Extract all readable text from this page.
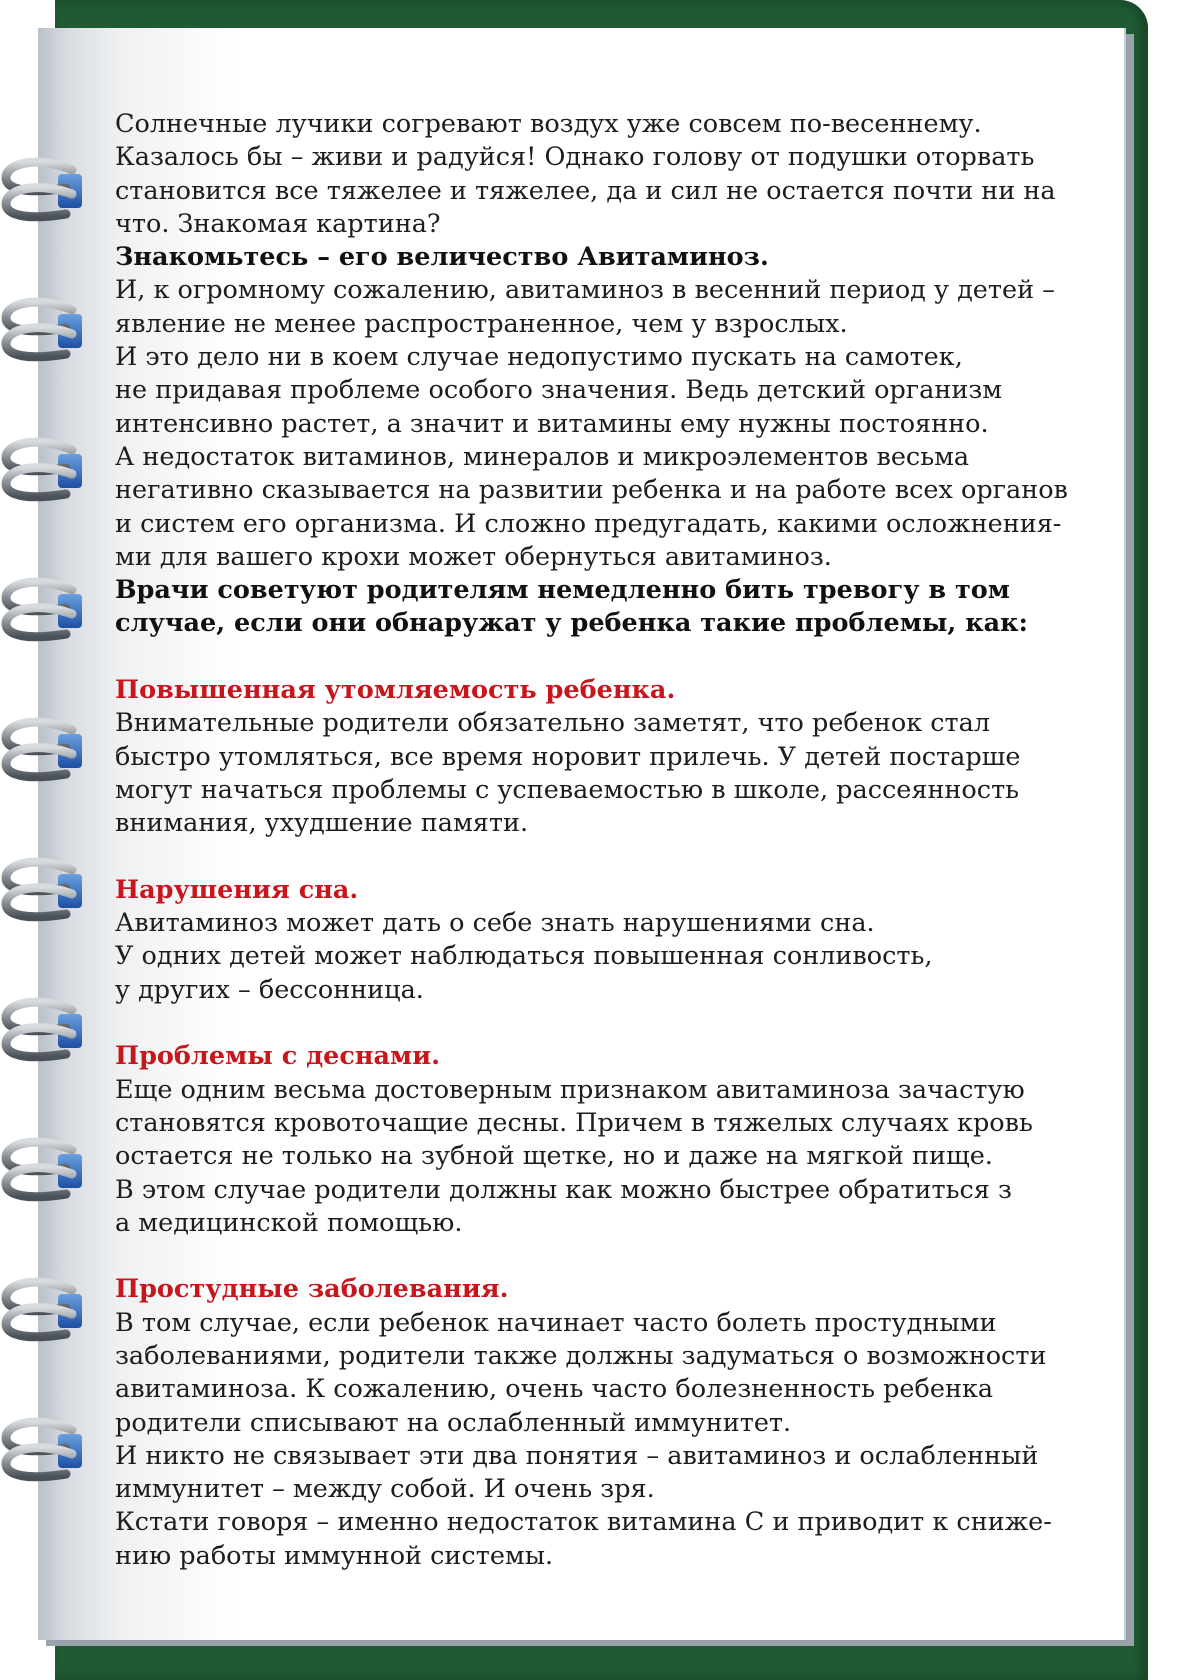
Солнечные лучики согревают воздух уже совсем по-весеннему.

Казалось бы – живи и радуйся! Однако голову от подушки оторвать

становится все тяжелее и тяжелее, да и сил не остается почти ни на

что. Знакомая картина?

Знакомьтесь – его величество Авитаминоз.

И, к огромному сожалению, авитаминоз в весенний период у детей –

явление не менее распространенное, чем у взрослых.

И это дело ни в коем случае недопустимо пускать на самотек,

не придавая проблеме особого значения. Ведь детский организм

интенсивно растет, а значит и витамины ему нужны постоянно.

А недостаток витаминов, минералов и микроэлементов весьма

негативно сказывается на развитии ребенка и на работе всех органов

и систем его организма. И сложно предугадать, какими осложнения-

ми для вашего крохи может обернуться авитаминоз.

Врачи советуют родителям немедленно бить тревогу в том

случае, если они обнаружат у ребенка такие проблемы, как:

Повышенная утомляемость ребенка.

Внимательные родители обязательно заметят, что ребенок стал

быстро утомляться, все время норовит прилечь. У детей постарше

могут начаться проблемы с успеваемостью в школе, рассеянность

внимания, ухудшение памяти.

Нарушения сна.

Авитаминоз может дать о себе знать нарушениями сна.

У одних детей может наблюдаться повышенная сонливость,

у других – бессонница.

Проблемы с деснами.

Еще одним весьма достоверным признаком авитаминоза зачастую

становятся кровоточащие десны. Причем в тяжелых случаях кровь

остается не только на зубной щетке, но и даже на мягкой пище.

В этом случае родители должны как можно быстрее обратиться з

а медицинской помощью.

Простудные заболевания.

В том случае, если ребенок начинает часто болеть простудными

заболеваниями, родители также должны задуматься о возможности

авитаминоза. К сожалению, очень часто болезненность ребенка

родители списывают на ослабленный иммунитет.

И никто не связывает эти два понятия – авитаминоз и ослабленный

иммунитет – между собой. И очень зря.

Кстати говоря – именно недостаток витамина С и приводит к сниже-

нию работы иммунной системы.
